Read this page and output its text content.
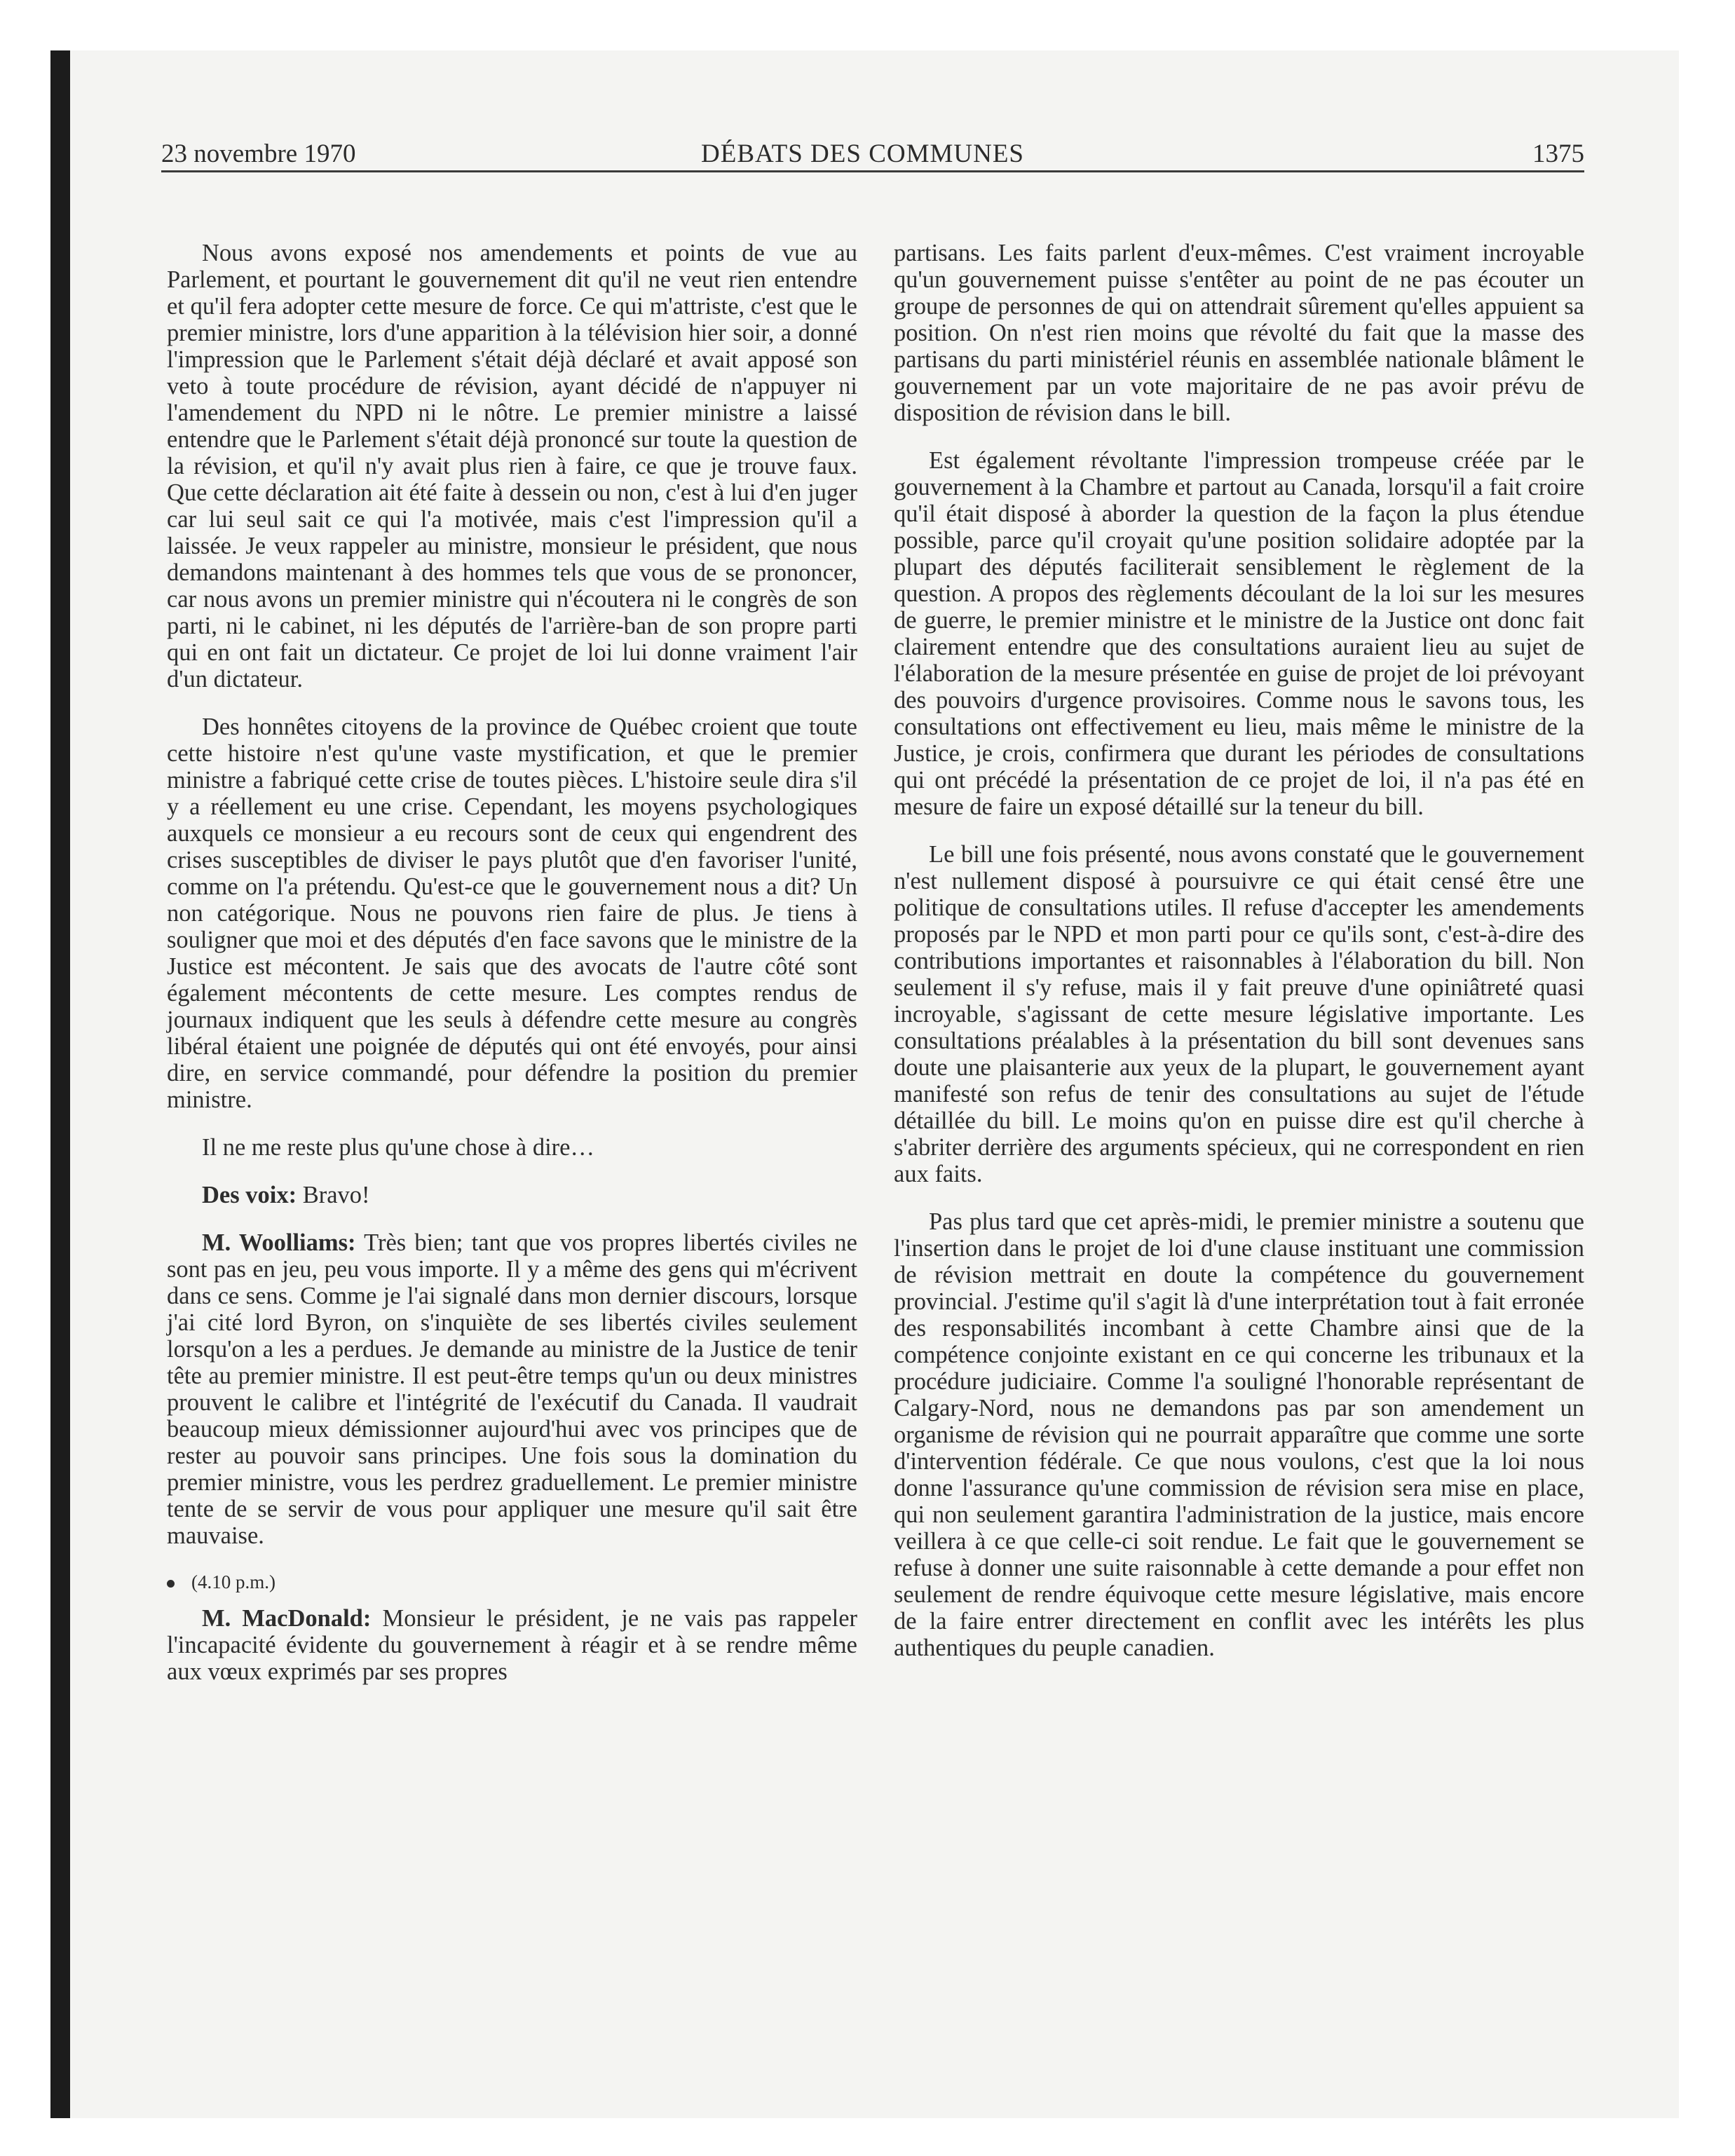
23 novembre 1970	DÉBATS DES COMMUNES	1375

Nous avons exposé nos amendements et points de vue au Parlement, et pourtant le gouvernement dit qu'il ne veut rien entendre et qu'il fera adopter cette mesure de force. Ce qui m'attriste, c'est que le premier ministre, lors d'une apparition à la télévision hier soir, a donné l'impression que le Parlement s'était déjà déclaré et avait apposé son veto à toute procédure de révision, ayant décidé de n'appuyer ni l'amendement du NPD ni le nôtre. Le premier ministre a laissé entendre que le Parlement s'était déjà prononcé sur toute la question de la révision, et qu'il n'y avait plus rien à faire, ce que je trouve faux. Que cette déclaration ait été faite à dessein ou non, c'est à lui d'en juger car lui seul sait ce qui l'a motivée, mais c'est l'impression qu'il a laissée. Je veux rappeler au ministre, monsieur le président, que nous demandons maintenant à des hommes tels que vous de se prononcer, car nous avons un premier ministre qui n'écoutera ni le congrès de son parti, ni le cabinet, ni les députés de l'arrière-ban de son propre parti qui en ont fait un dictateur. Ce projet de loi lui donne vraiment l'air d'un dictateur.

Des honnêtes citoyens de la province de Québec croient que toute cette histoire n'est qu'une vaste mystification, et que le premier ministre a fabriqué cette crise de toutes pièces. L'histoire seule dira s'il y a réellement eu une crise. Cependant, les moyens psychologiques auxquels ce monsieur a eu recours sont de ceux qui engendrent des crises susceptibles de diviser le pays plutôt que d'en favoriser l'unité, comme on l'a prétendu. Qu'est-ce que le gouvernement nous a dit? Un non catégorique. Nous ne pouvons rien faire de plus. Je tiens à souligner que moi et des députés d'en face savons que le ministre de la Justice est mécontent. Je sais que des avocats de l'autre côté sont également mécontents de cette mesure. Les comptes rendus de journaux indiquent que les seuls à défendre cette mesure au congrès libéral étaient une poignée de députés qui ont été envoyés, pour ainsi dire, en service commandé, pour défendre la position du premier ministre.

Il ne me reste plus qu'une chose à dire…

Des voix: Bravo!

M. Woolliams: Très bien; tant que vos propres libertés civiles ne sont pas en jeu, peu vous importe. Il y a même des gens qui m'écrivent dans ce sens. Comme je l'ai signalé dans mon dernier discours, lorsque j'ai cité lord Byron, on s'inquiète de ses libertés civiles seulement lorsqu'on a les a perdues. Je demande au ministre de la Justice de tenir tête au premier ministre. Il est peut-être temps qu'un ou deux ministres prouvent le calibre et l'intégrité de l'exécutif du Canada. Il vaudrait beaucoup mieux démissionner aujourd'hui avec vos principes que de rester au pouvoir sans principes. Une fois sous la domination du premier ministre, vous les perdrez graduellement. Le premier ministre tente de se servir de vous pour appliquer une mesure qu'il sait être mauvaise.

(4.10 p.m.)

M. MacDonald: Monsieur le président, je ne vais pas rappeler l'incapacité évidente du gouvernement à réagir et à se rendre même aux vœux exprimés par ses propres

partisans. Les faits parlent d'eux-mêmes. C'est vraiment incroyable qu'un gouvernement puisse s'entêter au point de ne pas écouter un groupe de personnes de qui on attendrait sûrement qu'elles appuient sa position. On n'est rien moins que révolté du fait que la masse des partisans du parti ministériel réunis en assemblée nationale blâment le gouvernement par un vote majoritaire de ne pas avoir prévu de disposition de révision dans le bill.

Est également révoltante l'impression trompeuse créée par le gouvernement à la Chambre et partout au Canada, lorsqu'il a fait croire qu'il était disposé à aborder la question de la façon la plus étendue possible, parce qu'il croyait qu'une position solidaire adoptée par la plupart des députés faciliterait sensiblement le règlement de la question. A propos des règlements découlant de la loi sur les mesures de guerre, le premier ministre et le ministre de la Justice ont donc fait clairement entendre que des consultations auraient lieu au sujet de l'élaboration de la mesure présentée en guise de projet de loi prévoyant des pouvoirs d'urgence provisoires. Comme nous le savons tous, les consultations ont effectivement eu lieu, mais même le ministre de la Justice, je crois, confirmera que durant les périodes de consultations qui ont précédé la présentation de ce projet de loi, il n'a pas été en mesure de faire un exposé détaillé sur la teneur du bill.

Le bill une fois présenté, nous avons constaté que le gouvernement n'est nullement disposé à poursuivre ce qui était censé être une politique de consultations utiles. Il refuse d'accepter les amendements proposés par le NPD et mon parti pour ce qu'ils sont, c'est-à-dire des contributions importantes et raisonnables à l'élaboration du bill. Non seulement il s'y refuse, mais il y fait preuve d'une opiniâtreté quasi incroyable, s'agissant de cette mesure législative importante. Les consultations préalables à la présentation du bill sont devenues sans doute une plaisanterie aux yeux de la plupart, le gouvernement ayant manifesté son refus de tenir des consultations au sujet de l'étude détaillée du bill. Le moins qu'on en puisse dire est qu'il cherche à s'abriter derrière des arguments spécieux, qui ne correspondent en rien aux faits.

Pas plus tard que cet après-midi, le premier ministre a soutenu que l'insertion dans le projet de loi d'une clause instituant une commission de révision mettrait en doute la compétence du gouvernement provincial. J'estime qu'il s'agit là d'une interprétation tout à fait erronée des responsabilités incombant à cette Chambre ainsi que de la compétence conjointe existant en ce qui concerne les tribunaux et la procédure judiciaire. Comme l'a souligné l'honorable représentant de Calgary-Nord, nous ne demandons pas par son amendement un organisme de révision qui ne pourrait apparaître que comme une sorte d'intervention fédérale. Ce que nous voulons, c'est que la loi nous donne l'assurance qu'une commission de révision sera mise en place, qui non seulement garantira l'administration de la justice, mais encore veillera à ce que celle-ci soit rendue. Le fait que le gouvernement se refuse à donner une suite raisonnable à cette demande a pour effet non seulement de rendre équivoque cette mesure législative, mais encore de la faire entrer directement en conflit avec les intérêts les plus authentiques du peuple canadien.
